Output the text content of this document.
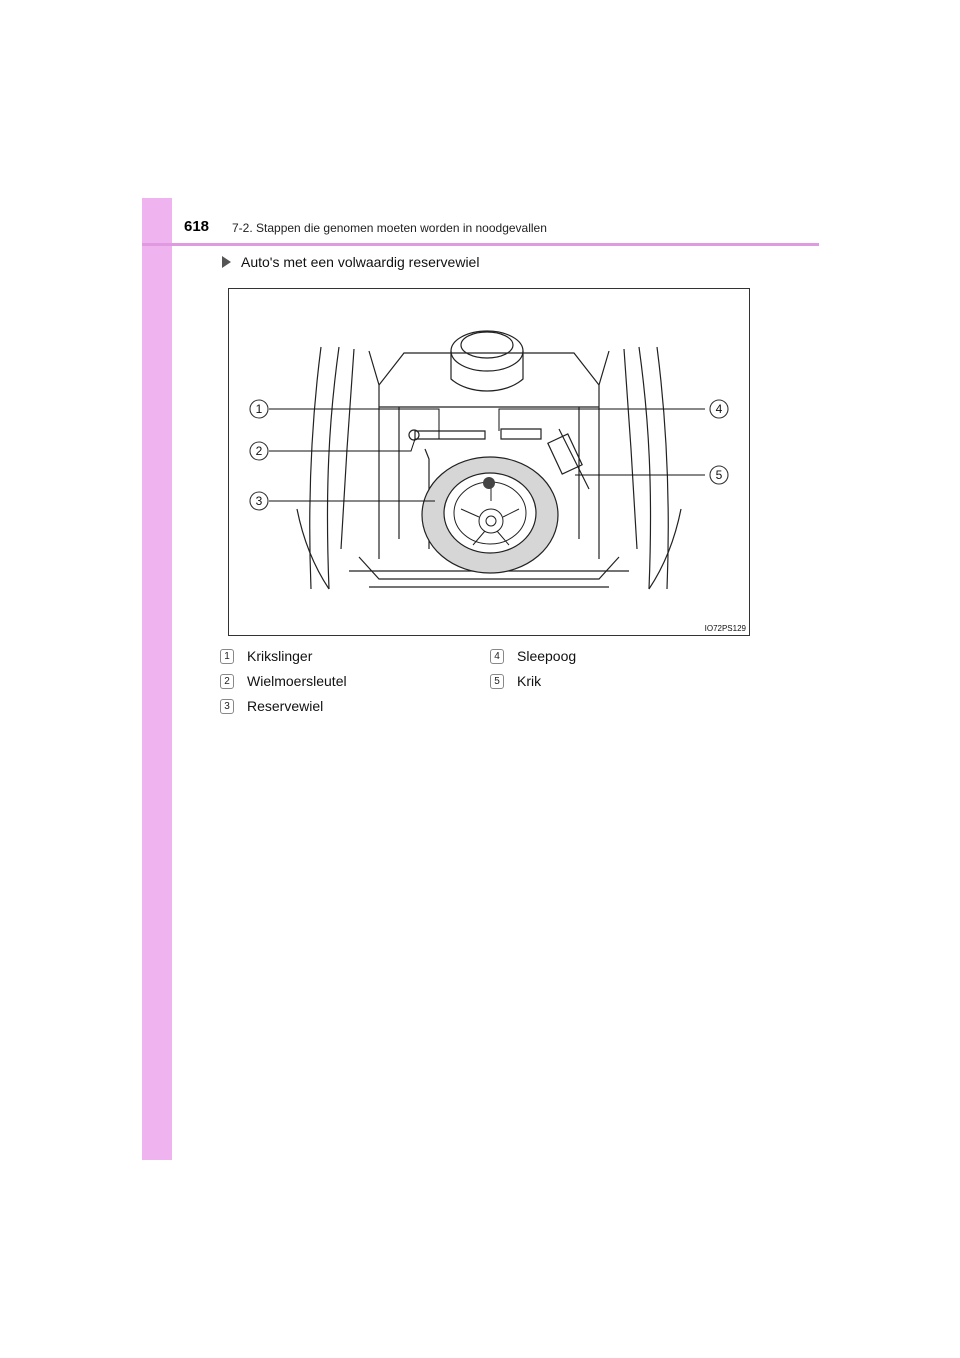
618 7-2. Stappen die genomen moeten worden in noodgevallen
Auto's met een volwaardig reservewiel
1
2
3
4
5
IO72PS129
1	Krikslinger
2	Wielmoersleutel
3	Reservewiel
4	Sleepoog
5	Krik
